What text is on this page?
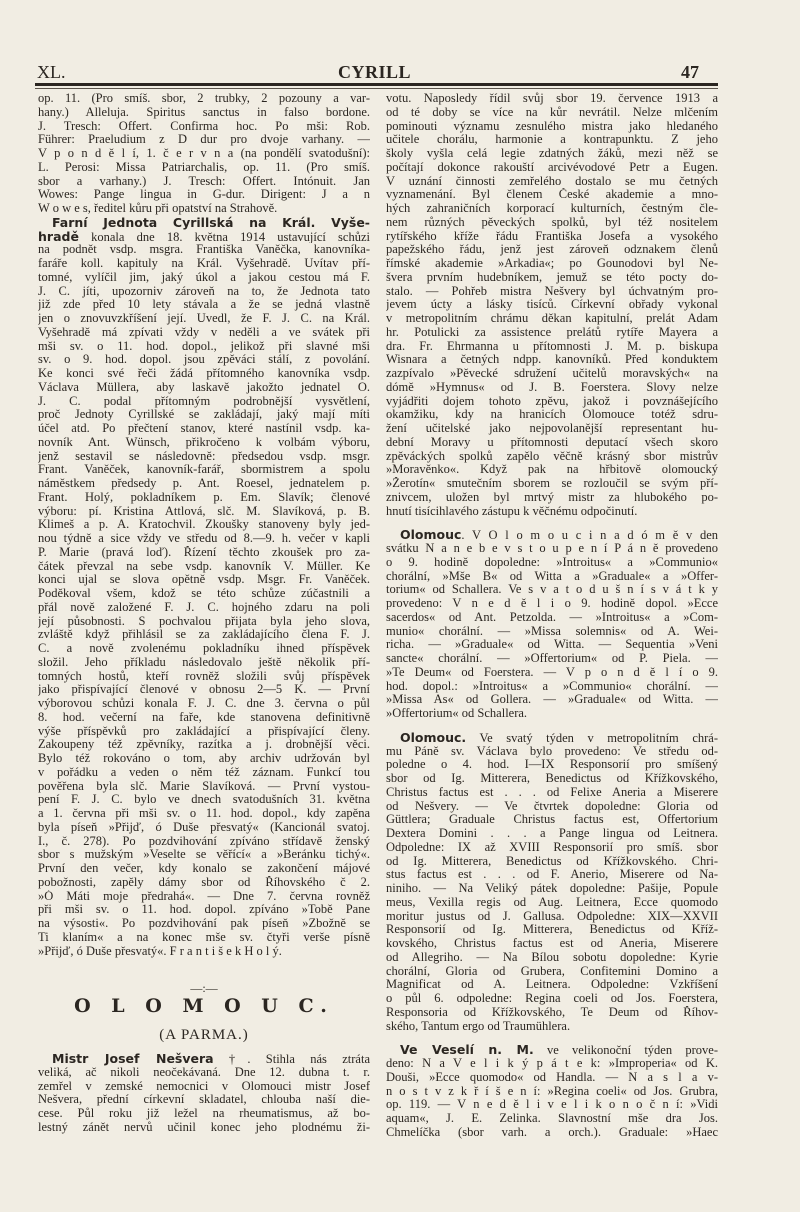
XL.	CYRILL	47
op. 11. (Pro smíš. sbor, 2 trubky, 2 pozouny a var-
hany.) Alleluja. Spiritus sanctus in falso bordone.
J. Tresch: Offert. Confirma hoc. Po mši: Rob.
Führer: Praeludium z D dur pro dvoje varhany. —
V p o n d ě l í, 1. č e r v n a (na pondělí svatodušní):
L. Perosi: Missa Patriarchalis, op. 11. (Pro smíš.
sbor a varhany.) J. Tresch: Offert. Intónuit. Jan
Wowes: Pange lingua in G-dur. Dirigent: J a n
W o w e s, ředitel kůru při opatství na Strahově.
Farní Jednota Cyrillská na Král. Vyše-
hradě konala dne 18. května 1914 ustavující schůzi
na podnět vsdp. msgra. Františka Vaněčka, kanovníka-
faráře koll. kapituly na Král. Vyšehradě. Uvítav pří-
tomné, vylíčil jim, jaký úkol a jakou cestou má F.
J. C. jíti, upozorniv zároveň na to, že Jednota tato
již zde před 10 lety stávala a že se jedná vlastně
jen o znovuvzkříšení její. Uvedl, že F. J. C. na Král.
Vyšehradě má zpívati vždy v neděli a ve svátek při
mši sv. o 11. hod. dopol., jelikož při slavné mši
sv. o 9. hod. dopol. jsou zpěváci stálí, z povolání.
Ke konci své řeči žádá přítomného kanovníka vsdp.
Václava Müllera, aby laskavě jakožto jednatel O.
J. C. podal přítomným podrobnější vysvětlení,
proč Jednoty Cyrillské se zakládají, jaký mají míti
účel atd. Po přečtení stanov, které nastínil vsdp. ka-
novník Ant. Wünsch, přikročeno k volbám výboru,
jenž sestavil se následovně: předsedou vsdp. msgr.
Frant. Vaněček, kanovník-farář, sbormistrem a spolu
náměstkem předsedy p. Ant. Roesel, jednatelem p.
Frant. Holý, pokladníkem p. Em. Slavík; členové
výboru: pí. Kristina Attlová, slč. M. Slavíková, p. B.
Klimeš a p. A. Kratochvil. Zkoušky stanoveny byly jed-
nou týdně a sice vždy ve středu od 8.—9. h. večer v kapli
P. Marie (pravá loď). Řízení těchto zkoušek pro za-
čátek převzal na sebe vsdp. kanovník V. Müller. Ke
konci ujal se slova opětně vsdp. Msgr. Fr. Vaněček.
Poděkoval všem, kdož se této schůze zúčastnili a
přál nově založené F. J. C. hojného zdaru na poli
její působnosti. S pochvalou přijata byla jeho slova,
zvláště když přihlásil se za zakládajícího člena F. J.
C. a nově zvolenému pokladníku ihned příspěvek
složil. Jeho příkladu následovalo ještě několik pří-
tomných hostů, kteří rovněž složili svůj příspěvek
jako přispívající členové v obnosu 2—5 K. — První
výborovou schůzi konala F. J. C. dne 3. června o půl
8. hod. večerní na faře, kde stanovena definitivně
výše příspěvků pro zakládající a přispívající členy.
Zakoupeny též zpěvníky, razítka a j. drobnější věci.
Bylo též rokováno o tom, aby archiv udržován byl
v pořádku a veden o něm též záznam. Funkcí tou
pověřena byla slč. Marie Slavíková. — První vystou-
pení F. J. C. bylo ve dnech svatodušních 31. května
a 1. června při mši sv. o 11. hod. dopol., kdy zapěna
byla píseň »Přijď, ó Duše přesvatý« (Kancionál svatoj.
I., č. 278). Po pozdvihování zpíváno střídavě ženský
sbor s mužským »Veselte se věřící« a »Beránku tichý«.
První den večer, kdy konalo se zakončení májové
pobožnosti, zapěly dámy sbor od Říhovského č 2.
»Ó Máti moje předrahá«. — Dne 7. června rovněž
při mši sv. o 11. hod. dopol. zpíváno »Tobě Pane
na výsosti«. Po pozdvihování pak píseň »Zbožně se
Ti klaním« a na konec mše sv. čtyři verše písně
»Přijď, ó Duše přesvatý«. F r a n t i š e k H o l ý.
—:—
O L O M O U C.
(A PARMA.)
Mistr Josef Nešvera †. Stihla nás ztráta
veliká, ač nikoli neočekávaná. Dne 12. dubna t. r.
zemřel v zemské nemocnici v Olomouci mistr Josef
Nešvera, přední církevní skladatel, chlouba naší die-
cese. Půl roku již ležel na rheumatismus, až bo-
lestný zánět nervů učinil konec jeho plodnému ži-
votu. Naposledy řídil svůj sbor 19. července 1913 a
od té doby se více na kůr nevrátil. Nelze mlčením
pominouti významu zesnulého mistra jako hledaného
učitele chorálu, harmonie a kontrapunktu. Z jeho
školy vyšla celá legie zdatných žáků, mezi něž se
počítají dokonce rakouští arcivévodové Petr a Eugen.
V uznání činnosti zemřelého dostalo se mu četných
vyznamenání. Byl členem České akademie a mno-
hých zahraničních korporací kulturních, čestným čle-
nem různých pěveckých spolků, byl též nositelem
rytířského kříže řádu Františka Josefa a vysokého
papežského řádu, jenž jest zároveň odznakem členů
římské akademie »Arkadia«; po Gounodovi byl Ne-
švera prvním hudebníkem, jemuž se této pocty do-
stalo. — Pohřeb mistra Nešvery byl úchvatným pro-
jevem úcty a lásky tisíců. Církevní obřady vykonal
v metropolitním chrámu děkan kapitulní, prelát Adam
hr. Potulicki za assistence prelátů rytíře Mayera a
dra. Fr. Ehrmanna u přítomnosti J. M. p. biskupa
Wisnara a četných ndpp. kanovníků. Před konduktem
zazpívalo »Pěvecké sdružení učitelů moravských« na
dómě »Hymnus« od J. B. Foerstera. Slovy nelze
vyjádřiti dojem tohoto zpěvu, jakož i povznášejícího
okamžiku, kdy na hranicích Olomouce totéž sdru-
žení učitelské jako nejpovolanější representant hu-
dební Moravy u přítomnosti deputací všech skoro
zpěváckých spolků zapělo věčně krásný sbor mistrův
»Moravěnko«. Když pak na hřbitově olomoucký
»Žerotín« smutečním sborem se rozloučil se svým pří-
znivcem, uložen byl mrtvý mistr za hlubokého po-
hnutí tisícihlavého zástupu k věčnému odpočinutí.
Olomouc. V O l o m o u c i n a d ó m ě v den
svátku N a n e b e v s t o u p e n í P á n ě provedeno
o 9. hodině dopoledne: »Introitus« a »Communio«
chorální, »Mše B« od Witta a »Graduale« a »Offer-
torium« od Schallera. Ve s v a t o d u š n í s v á t k y
provedeno: V n e d ě l i o 9. hodině dopol. »Ecce
sacerdos« od Ant. Petzolda. — »Introitus« a »Com-
munio« chorální. — »Missa solemnis« od A. Wei-
richa. — »Graduale« od Witta. — Sequentia »Veni
sancte« chorální. — »Offertorium« od P. Piela. —
»Te Deum« od Foerstera. — V p o n d ě l í o 9.
hod. dopol.: »Introitus« a »Communio« chorální. —
»Missa As« od Gollera. — »Graduale« od Witta. —
»Offertorium« od Schallera.
Olomouc. Ve svatý týden v metropolitním chrá-
mu Páně sv. Václava bylo provedeno: Ve středu od-
poledne o 4. hod. I—IX Responsorií pro smíšený
sbor od Ig. Mitterera, Benedictus od Křížkovského,
Christus factus est . . . od Felixe Aneria a Miserere
od Nešvery. — Ve čtvrtek dopoledne: Gloria od
Güttlera; Graduale Christus factus est, Offertorium
Dextera Domini . . . a Pange lingua od Leitnera.
Odpoledne: IX až XVIII Responsorií pro smíš. sbor
od Ig. Mitterera, Benedictus od Křížkovského. Chri-
stus factus est . . . od F. Anerio, Miserere od Na-
niniho. — Na Veliký pátek dopoledne: Pašije, Popule
meus, Vexilla regis od Aug. Leitnera, Ecce quomodo
moritur justus od J. Gallusa. Odpoledne: XIX—XXVII
Responsorií od Ig. Mitterera, Benedictus od Kříž-
kovského, Christus factus est od Aneria, Miserere
od Allegriho. — Na Bílou sobotu dopoledne: Kyrie
chorální, Gloria od Grubera, Confitemini Domino a
Magnificat od A. Leitnera. Odpoledne: Vzkříšení
o půl 6. odpoledne: Regina coeli od Jos. Foerstera,
Responsoria od Křížkovského, Te Deum od Říhov-
ského, Tantum ergo od Traumühlera.
Ve Veselí n. M. ve velikonoční týden prove-
deno: N a V e l i k ý p á t e k: »Improperia« od K.
Douši, »Ecce quomodo« od Handla. — N a s l a v-
n o s t v z k ř í š e n í: »Regina coeli« od Jos. Grubra,
op. 119. — V n e d ě l i v e l i k o n o č n í: »Vidi
aquam«, J. E. Zelinka. Slavnostní mše dra Jos.
Chmelíčka (sbor varh. a orch.). Graduale: »Haec
